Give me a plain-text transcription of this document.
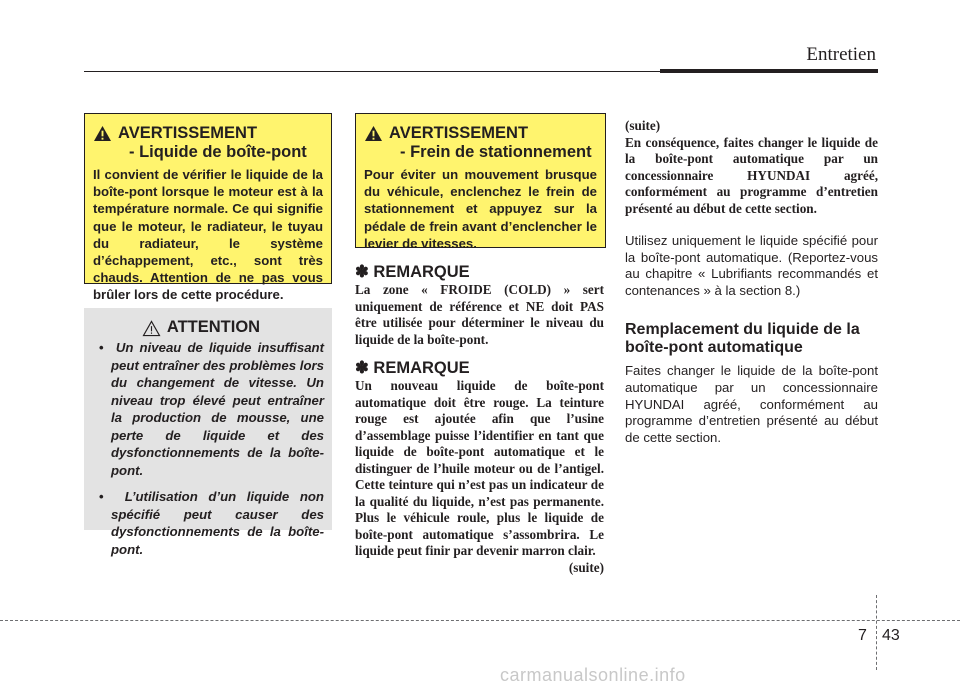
Entretien
AVERTISSEMENT
- Liquide de boîte-pont
Il convient de vérifier le liquide de la boîte-pont lorsque le moteur est à la température normale. Ce qui signifie que le moteur, le radiateur, le tuyau du radiateur, le système d’échappement, etc., sont très chauds. Attention de ne pas vous brûler lors de cette procédure.
ATTENTION
•  Un niveau de liquide insuffisant peut entraîner des problèmes lors du changement de vitesse. Un niveau trop élevé peut entraîner la production de mousse, une perte de liquide et des dysfonctionnements de la boîte-pont.
•  L’utilisation d’un liquide non spécifié peut causer des dysfonctionnements de la boîte-pont.
AVERTISSEMENT
- Frein de stationnement
Pour éviter un mouvement brusque du véhicule, enclenchez le frein de stationnement et appuyez sur la pédale de frein avant d’enclencher le levier de vitesses.
✽ REMARQUE
La zone « FROIDE (COLD) » sert uniquement de référence et NE doit PAS être utilisée pour déterminer le niveau du liquide de la boîte-pont.
✽ REMARQUE
Un nouveau liquide de boîte-pont automatique doit être rouge. La teinture rouge est ajoutée afin que l’usine d’assemblage puisse l’identifier en tant que liquide de boîte-pont automatique et le distinguer de l’huile moteur ou de l’antigel. Cette teinture qui n’est pas un indicateur de la qualité du liquide, n’est pas permanente. Plus le véhicule roule, plus le liquide de boîte-pont automatique s’assombrira. Le liquide peut finir par devenir marron clair.
(suite)
(suite)
En conséquence, faites changer le liquide de la boîte-pont automatique par un concessionnaire HYUNDAI agréé, conformément au programme d’entretien présenté au début de cette section.
Utilisez uniquement le liquide spécifié pour la boîte-pont automatique. (Reportez-vous au chapitre « Lubrifiants recommandés et contenances » à la section 8.)
Remplacement du liquide de la boîte-pont automatique
Faites changer le liquide de la boîte-pont automatique par un concessionnaire HYUNDAI agréé, conformément au programme d’entretien présenté au début de cette section.
7 43
carmanualsonline.info
